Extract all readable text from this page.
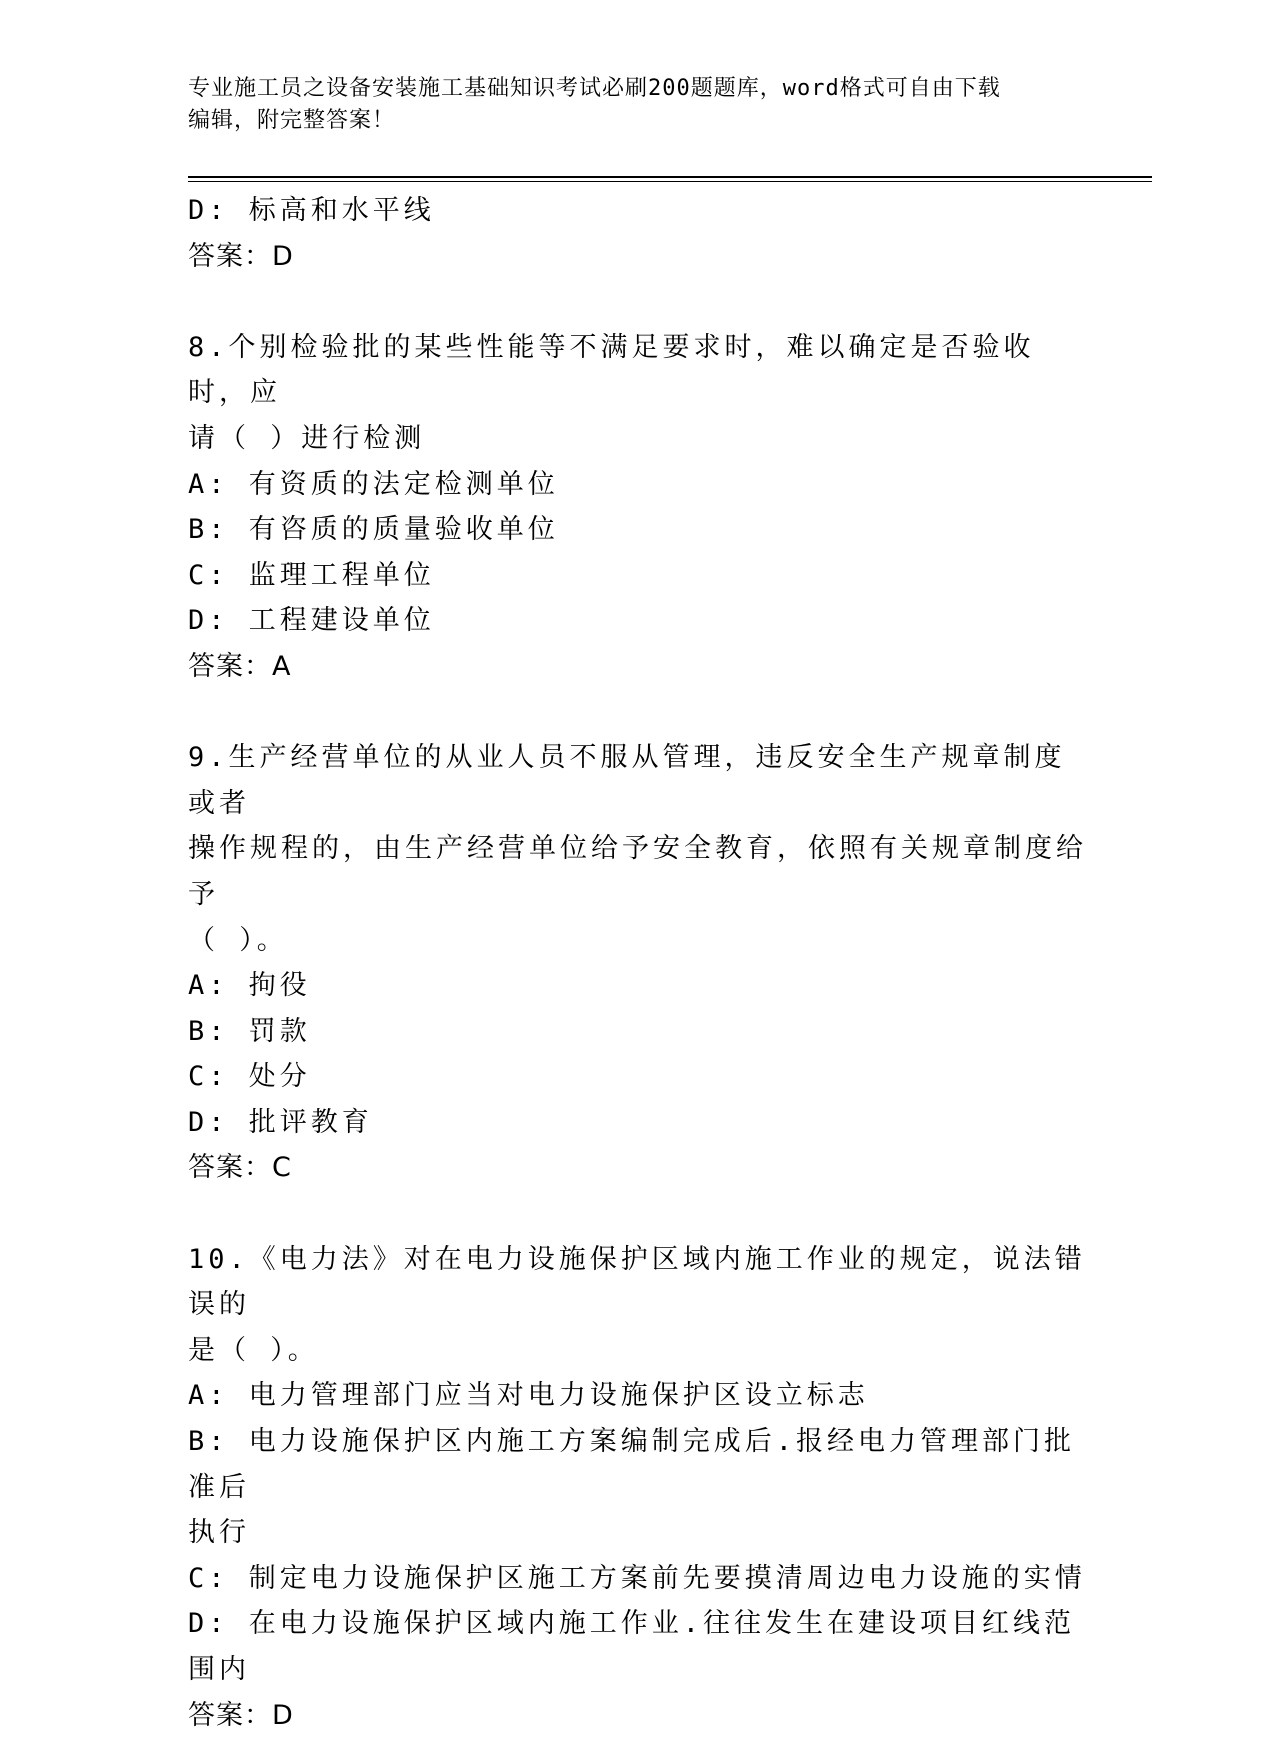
专业施工员之设备安装施工基础知识考试必刷200题题库，word格式可自由下载
编辑，附完整答案！
D: 标高和水平线
答案：D
8.个别检验批的某些性能等不满足要求时，难以确定是否验收时，应
请（ ）进行检测
A: 有资质的法定检测单位
B: 有咨质的质量验收单位
C: 监理工程单位
D: 工程建设单位
答案：A
9.生产经营单位的从业人员不服从管理，违反安全生产规章制度或者
操作规程的，由生产经营单位给予安全教育，依照有关规章制度给予
（ ）。
A: 拘役
B: 罚款
C: 处分
D: 批评教育
答案：C
10.《电力法》对在电力设施保护区域内施工作业的规定，说法错误的
是（ ）。
A: 电力管理部门应当对电力设施保护区设立标志
B: 电力设施保护区内施工方案编制完成后.报经电力管理部门批准后
执行
C: 制定电力设施保护区施工方案前先要摸清周边电力设施的实情
D: 在电力设施保护区域内施工作业.往往发生在建设项目红线范围内
答案：D
